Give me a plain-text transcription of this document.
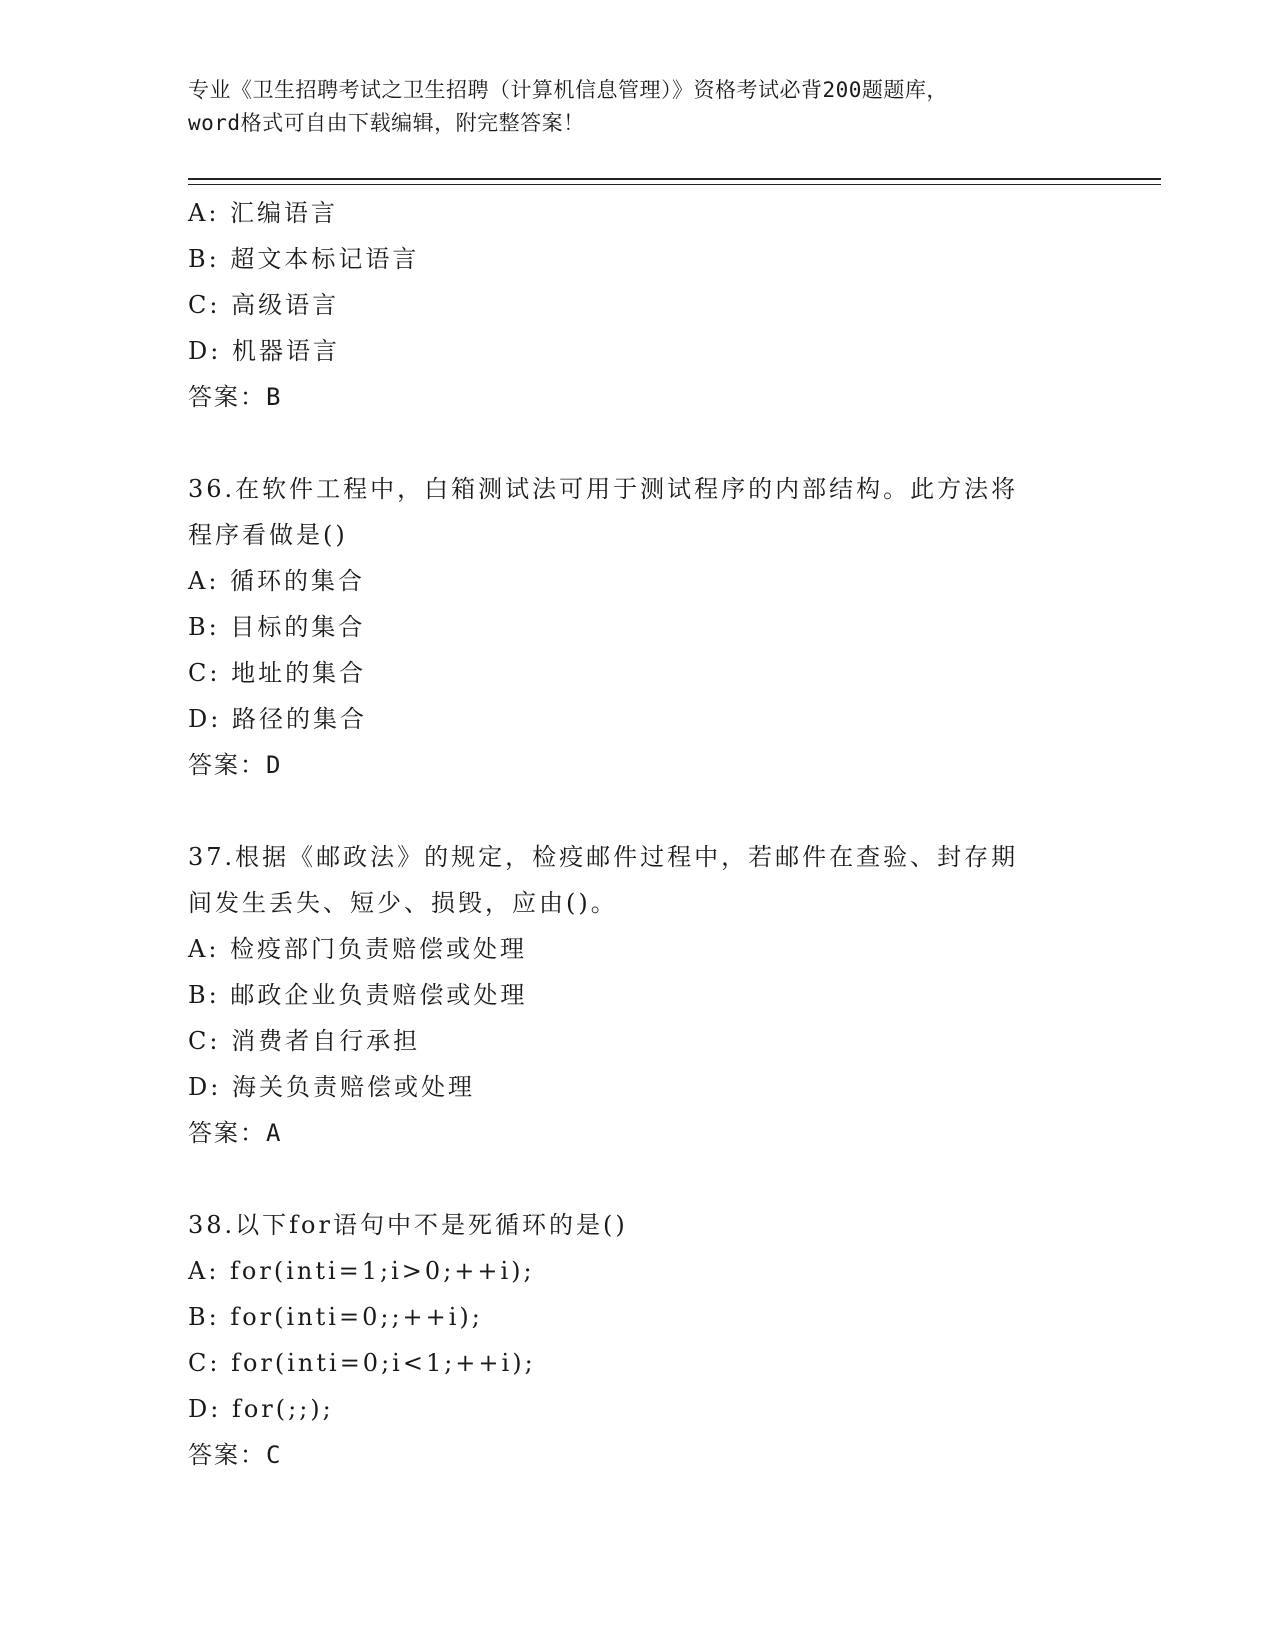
专业《卫生招聘考试之卫生招聘（计算机信息管理）》资格考试必背200题题库，
word格式可自由下载编辑，附完整答案！
A: 汇编语言
B: 超文本标记语言
C: 高级语言
D: 机器语言
答案：B
36.在软件工程中，白箱测试法可用于测试程序的内部结构。此方法将
程序看做是()
A: 循环的集合
B: 目标的集合
C: 地址的集合
D: 路径的集合
答案：D
37.根据《邮政法》的规定，检疫邮件过程中，若邮件在查验、封存期
间发生丢失、短少、损毁，应由()。
A: 检疫部门负责赔偿或处理
B: 邮政企业负责赔偿或处理
C: 消费者自行承担
D: 海关负责赔偿或处理
答案：A
38.以下for语句中不是死循环的是()
A: for(inti=1;i>0;++i);
B: for(inti=0;;++i);
C: for(inti=0;i<1;++i);
D: for(;;);
答案：C
